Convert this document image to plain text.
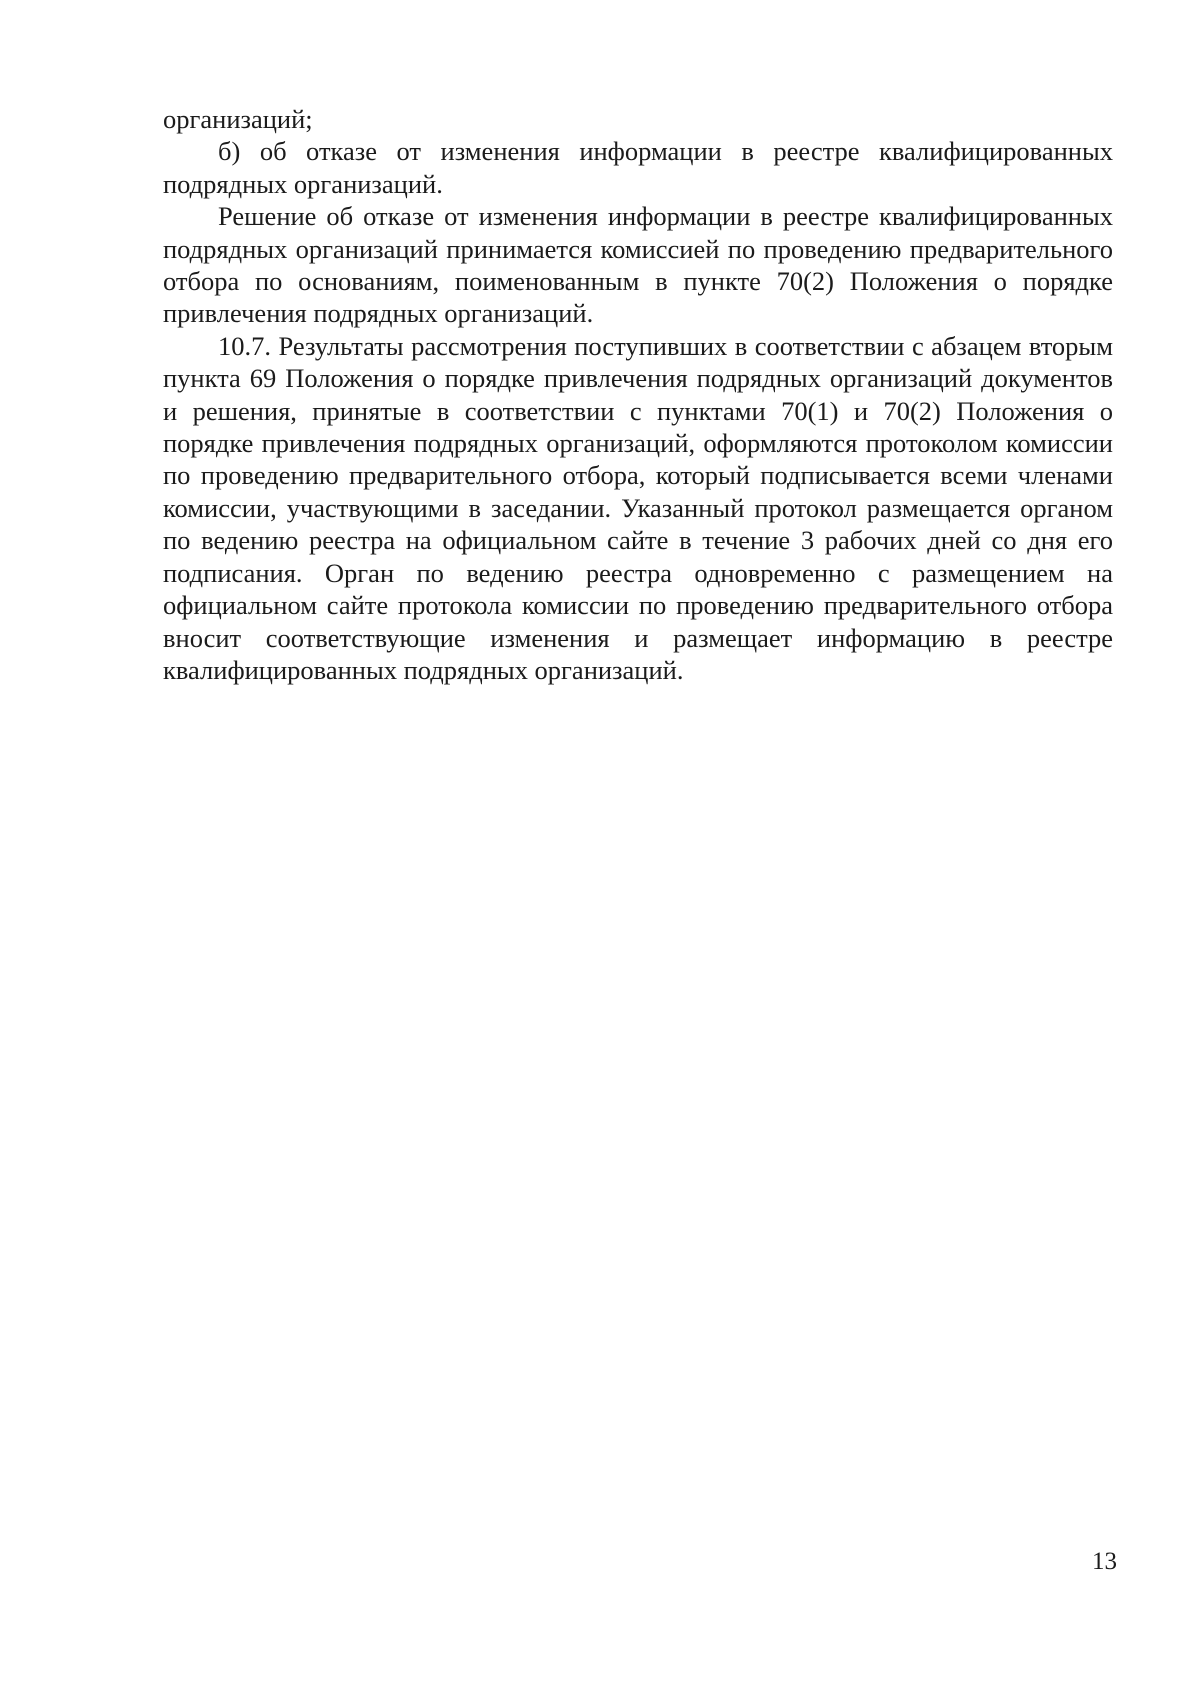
организаций;

б) об отказе от изменения информации в реестре квалифицированных подрядных организаций.

Решение об отказе от изменения информации в реестре квалифицированных подрядных организаций принимается комиссией по проведению предварительного отбора по основаниям, поименованным в пункте 70(2) Положения о порядке привлечения подрядных организаций.

10.7. Результаты рассмотрения поступивших в соответствии с абзацем вторым пункта 69 Положения о порядке привлечения подрядных организаций документов и решения, принятые в соответствии с пунктами 70(1) и 70(2) Положения о порядке привлечения подрядных организаций, оформляются протоколом комиссии по проведению предварительного отбора, который подписывается всеми членами комиссии, участвующими в заседании. Указанный протокол размещается органом по ведению реестра на официальном сайте в течение 3 рабочих дней со дня его подписания. Орган по ведению реестра одновременно с размещением на официальном сайте протокола комиссии по проведению предварительного отбора вносит соответствующие изменения и размещает информацию в реестре квалифицированных подрядных организаций.

13
